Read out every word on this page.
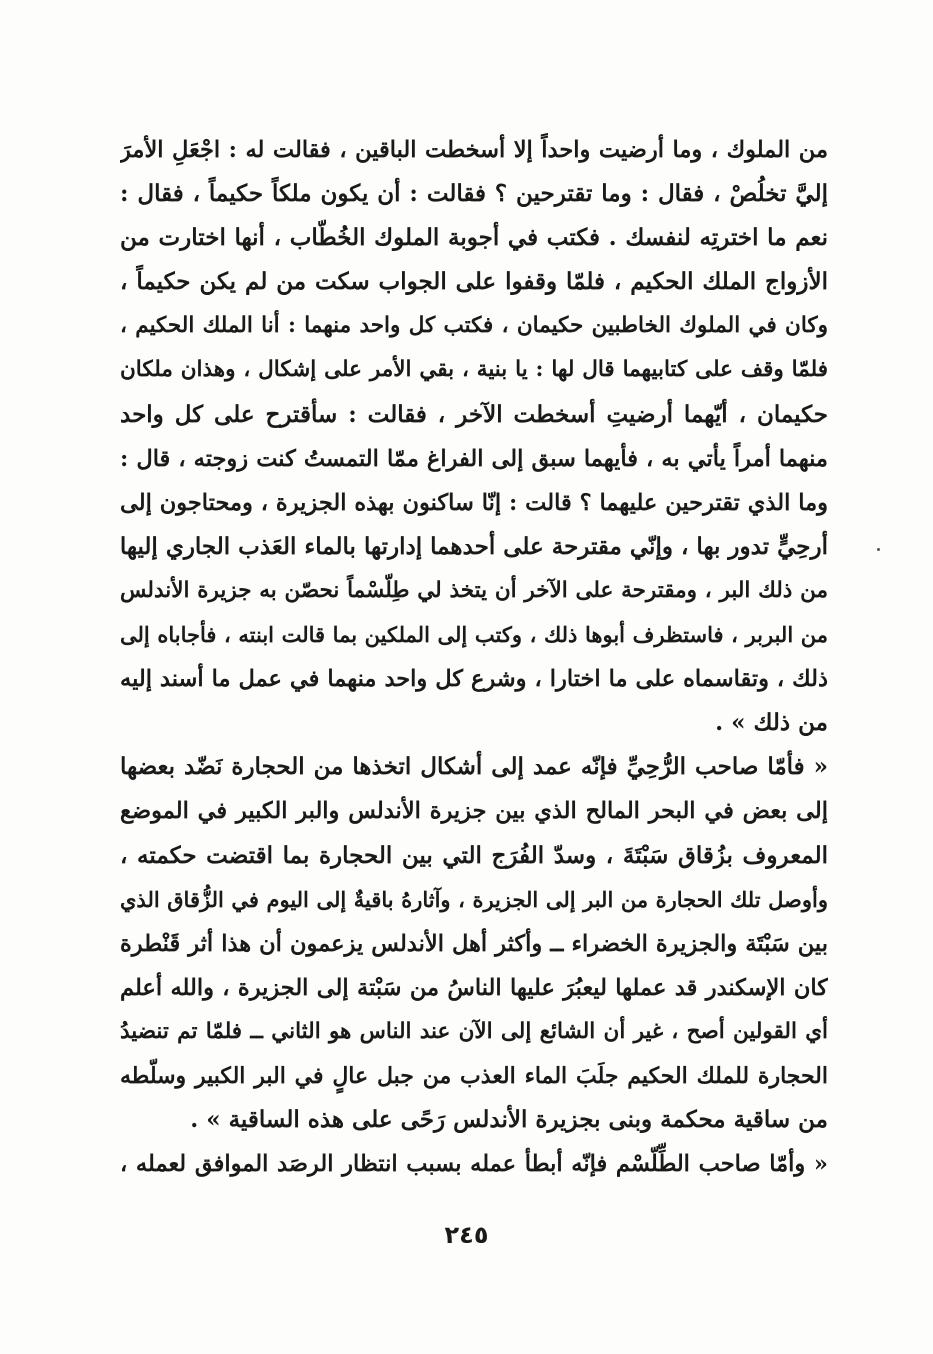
من الملوك ، وما أرضيت واحداً إلا أسخطت الباقين ، فقالت له : اجْعَلِ الأمرَ
إليَّ تخلُصْ ، فقال : وما تقترحين ؟ فقالت : أن يكون ملكاً حكيماً ، فقال :
نعم ما اخترتِه لنفسك . فكتب في أجوبة الملوك الخُطّاب ، أنها اختارت من
الأزواج الملك الحكيم ، فلمّا وقفوا على الجواب سكت من لم يكن حكيماً ،
وكان في الملوك الخاطبين حكيمان ، فكتب كل واحد منهما : أنا الملك الحكيم ،
فلمّا وقف على كتابيهما قال لها : يا بنية ، بقي الأمر على إشكال ، وهذان ملكان
حكيمان ، أيّهما أرضيتِ أسخطت الآخر ، فقالت : سأقترح على كل واحد
منهما أمراً يأتي به ، فأيهما سبق إلى الفراغ ممّا التمستُ كنت زوجته ، قال :
وما الذي تقترحين عليهما ؟ قالت : إنّا ساكنون بهذه الجزيرة ، ومحتاجون إلى
أرحِيٍّ تدور بها ، وإنّي مقترحة على أحدهما إدارتها بالماء العَذب الجاري إليها
من ذلك البر ، ومقترحة على الآخر أن يتخذ لي طِلّسْماً نحصّن به جزيرة الأندلس
من البربر ، فاستظرف أبوها ذلك ، وكتب إلى الملكين بما قالت ابنته ، فأجاباه إلى
ذلك ، وتقاسماه على ما اختارا ، وشرع كل واحد منهما في عمل ما أسند إليه
من ذلك » .
« فأمّا صاحب الرُّحِيِّ فإنّه عمد إلى أشكال اتخذها من الحجارة نَضّد بعضها
إلى بعض في البحر المالح الذي بين جزيرة الأندلس والبر الكبير في الموضع
المعروف بزُقاق سَبْتَةَ ، وسدّ الفُرَج التي بين الحجارة بما اقتضت حكمته ،
وأوصل تلك الحجارة من البر إلى الجزيرة ، وآثارهُ باقيةٌ إلى اليوم في الزُّقاق الذي
بين سَبْتَة والجزيرة الخضراء ــ وأكثر أهل الأندلس يزعمون أن هذا أثر قَنْطرة
كان الإسكندر قد عملها ليعبُرَ عليها الناسُ من سَبْتة إلى الجزيرة ، والله أعلم
أي القولين أصح ، غير أن الشائع إلى الآن عند الناس هو الثاني ــ فلمّا تم تنضيدُ
الحجارة للملك الحكيم جلَبَ الماء العذب من جبل عالٍ في البر الكبير وسلّطه
من ساقية محكمة وبنى بجزيرة الأندلس رَحًى على هذه الساقية » .
« وأمّا صاحب الطِّلّسْم فإنّه أبطأ عمله بسبب انتظار الرصَد الموافق لعمله ،
٢٤٥
